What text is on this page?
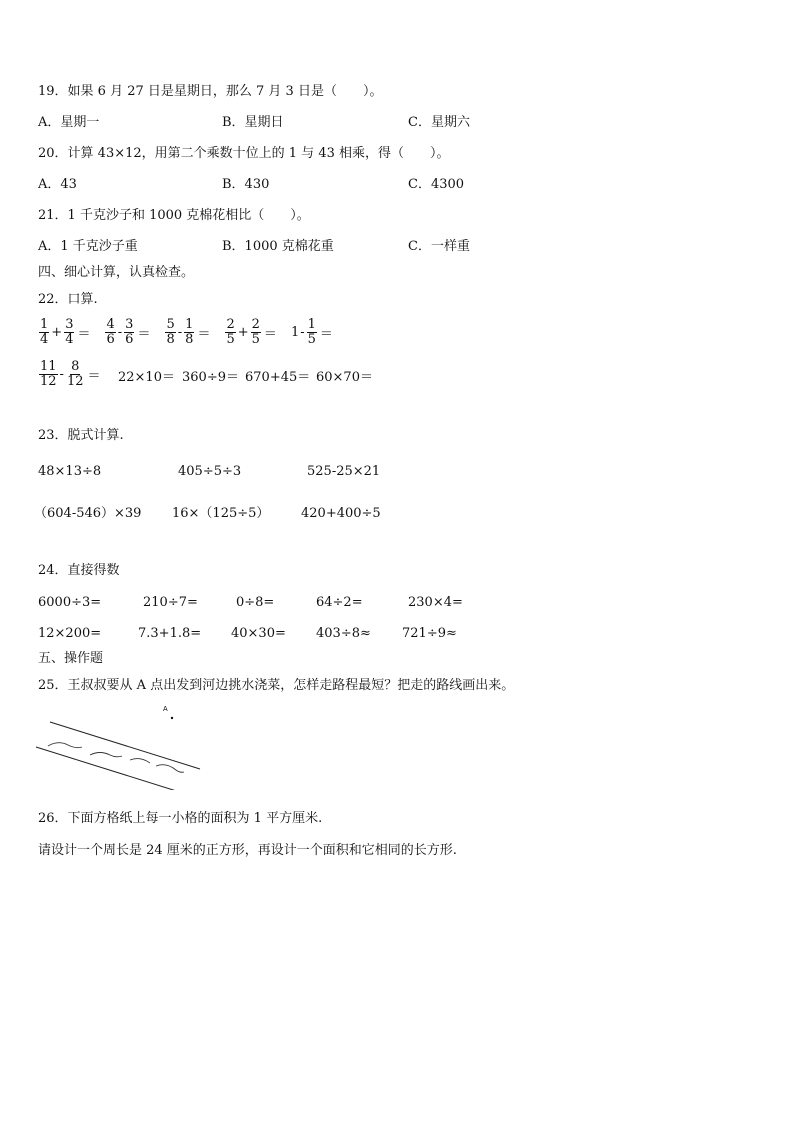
19．如果 6 月 27 日是星期日，那么 7 月 3 日是（　　）。
A．星期一	B．星期日	C．星期六
20．计算 43×12，用第二个乘数十位上的 1 与 43 相乘，得（　　）。
A．43	B．430	C．4300
21．1 千克沙子和 1000 克棉花相比（　　）。
A．1 千克沙子重	B．1000 克棉花重	C．一样重
四、细心计算，认真检查。
22．口算.
$\frac{1}{4} + \frac{3}{4} = \frac{4}{6} - \frac{3}{6} = \frac{5}{8} - \frac{1}{8} = \frac{2}{5} + \frac{2}{5} = 1 - \frac{1}{5}$ ＝
$\frac{11}{12} - \frac{8}{12} = 22\times 10= 360\div 9= 670+45= 60\times 70=$
23．脱式计算.
48×13÷8	405÷5÷3	525-25×21
（604-546）×39 16×（125÷5） 420+400÷5
24．直接得数
6000÷3=	210÷7=	0÷8=	64÷2=	230×4=
12×200=	7.3+1.8= 40×30= 403÷8≈ 721÷9≈
五、操作题
25．王叔叔要从 A 点出发到河边挑水浇菜，怎样走路程最短？把走的路线画出来。
A
26．下面方格纸上每一小格的面积为 1 平方厘米.
请设计一个周长是 24 厘米的正方形，再设计一个面积和它相同的长方形.
